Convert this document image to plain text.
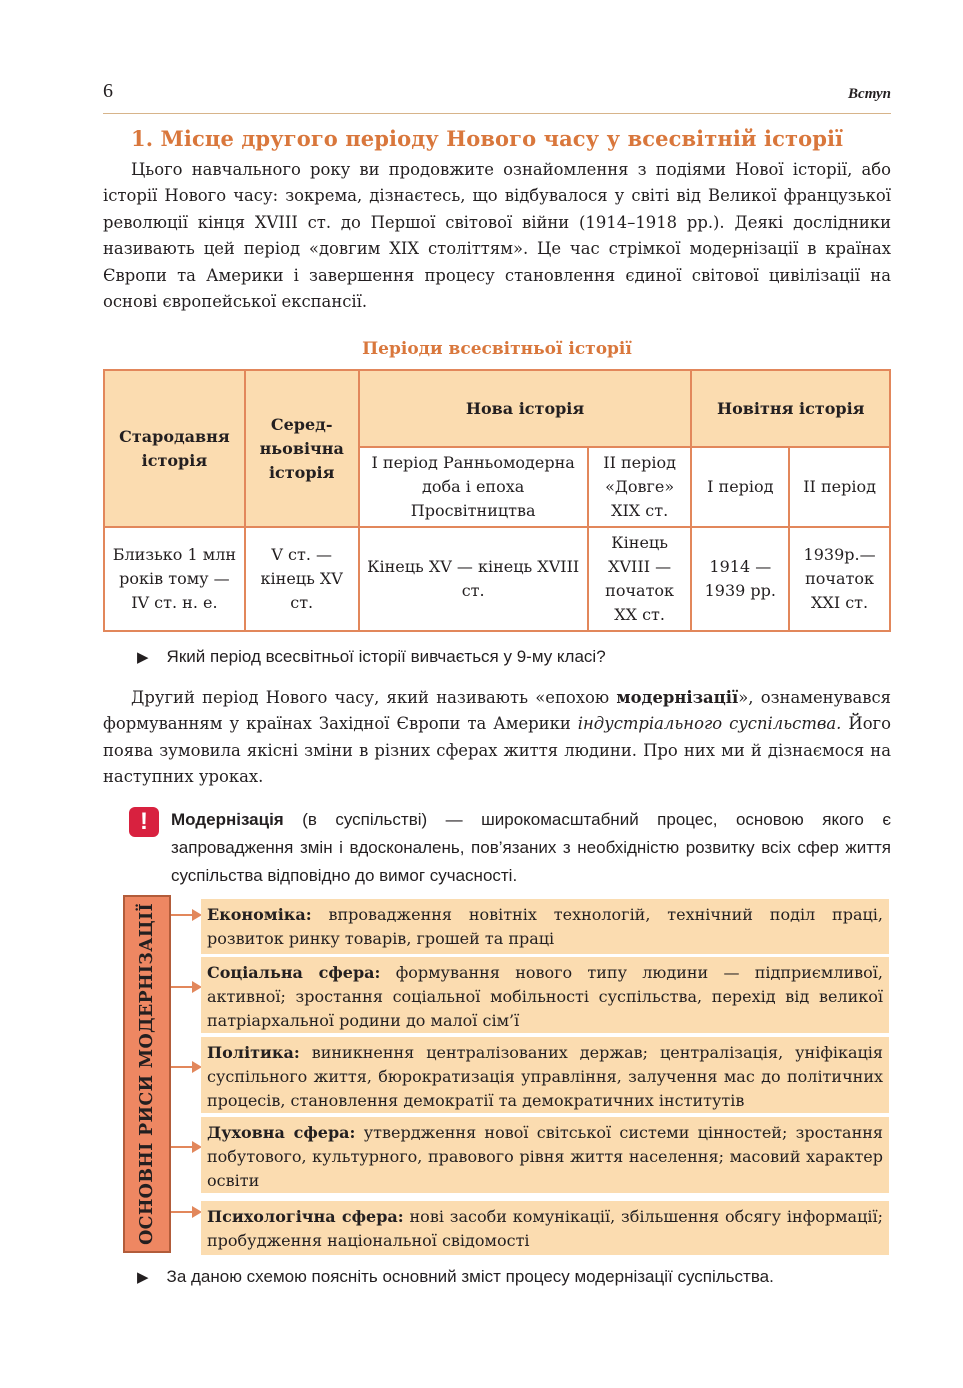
6	Вступ
1. Місце другого періоду Нового часу у всесвітній історії

Цього навчального року ви продовжите ознайомлення з подіями Нової історії, або історії Нового часу: зокрема, дізнаєтесь, що відбувалося у світі від Великої французької революції кінця XVIII ст. до Першої світової війни (1914–1918 рр.). Деякі дослідники називають цей період «довгим XIX століттям». Це час стрімкої модернізації в країнах Європи та Америки і завершення процесу становлення єдиної світової цивілізації на основі європейської експансії.

Періоди всесвітньої історії
Стародавня історія	Серед-ньовічна історія	Нова історія		Новітня історія	
		I період Ранньомодерна доба і епоха Просвітництва	II період «Довге» XIX ст.	I період	II період
Близько 1 млн років тому — IV ст. н. е.	V ст. — кінець XV ст.	Кінець XV — кінець XVIII ст.	Кінець XVIII — початок XX ст.	1914 — 1939 рр.	1939р.— початок XXI ст.
▶ Який період всесвітньої історії вивчається у 9-му класі?

Другий період Нового часу, який називають «епохою модернізації», ознаменувався формуванням у країнах Західної Європи та Америки індустріального суспільства. Його поява зумовила якісні зміни в різних сферах життя людини. Про них ми й дізнаємося на наступних уроках.

!	Модернізація (в суспільстві) — широкомасштабний процес, основою якого є запровадження змін і вдосконалень, пов’язаних з необхідністю розвитку всіх сфер життя суспільства відповідно до вимог сучасності.
ОСНОВНІ РИСИ МОДЕРНІЗАЦІЇ	Економіка: впровадження новітніх технологій, технічний поділ праці, розвиток ринку товарів, грошей та праці
Соціальна сфера: формування нового типу людини — підприємливої, активної; зростання соціальної мобільності суспільства, перехід від великої патріархальної родини до малої сім’ї
Політика: виникнення централізованих держав; централізація, уніфікація суспільного життя, бюрократизація управління, залучення мас до політичних процесів, становлення демократії та демократичних інститутів
Духовна сфера: утвердження нової світської системи цінностей; зростання побутового, культурного, правового рівня життя населення; масовий характер освіти
Психологічна сфера: нові засоби комунікації, збільшення обсягу інформації; пробудження національної свідомості
▶ За даною схемою поясніть основний зміст процесу модернізації суспільства.
